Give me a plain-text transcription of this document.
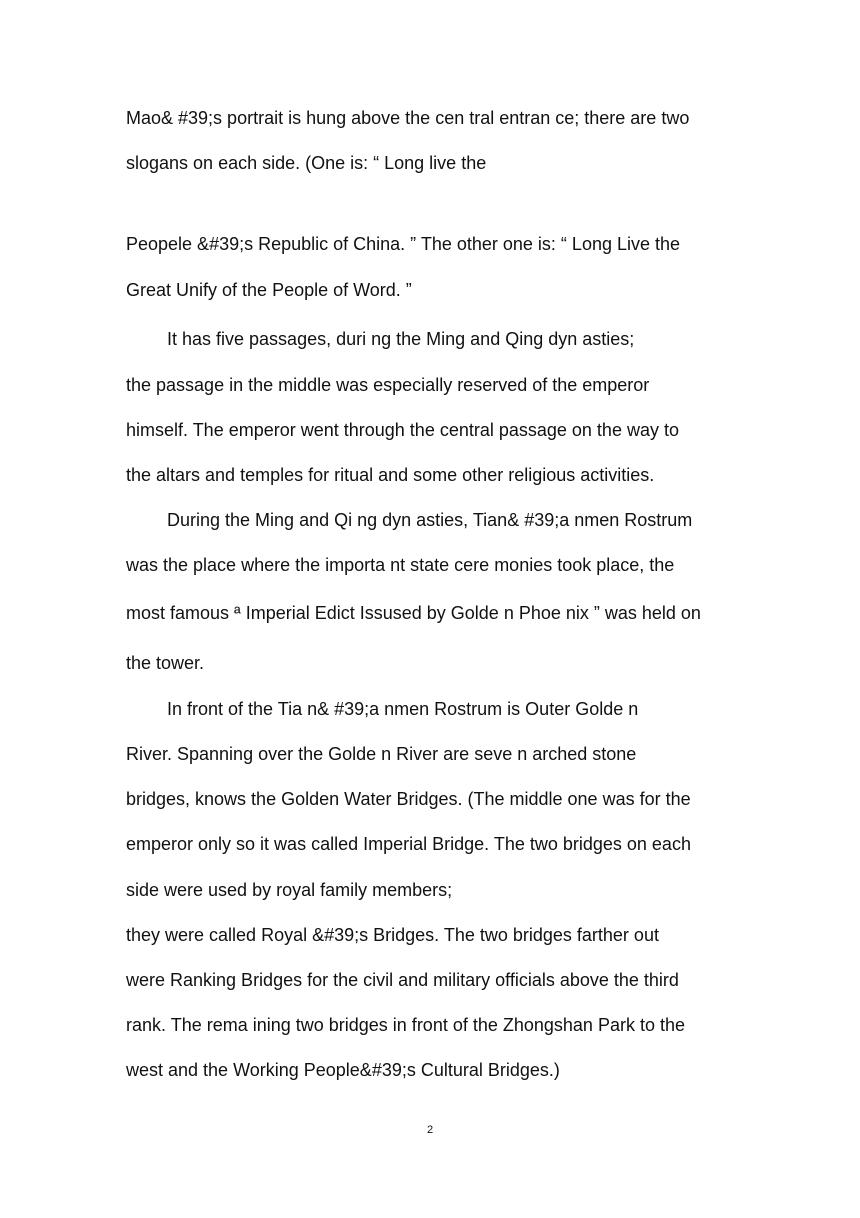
Mao& #39;s portrait is hung above the cen tral entran ce; there are two
slogans on each side. (One is: “ Long live the
Peopele &#39;s Republic of China. ” The other one is: “ Long Live the
Great Unify of the People of Word. ”
It has five passages, duri ng the Ming and Qing dyn asties;
the passage in the middle was especially reserved of the emperor
himself. The emperor went through the central passage on the way to
the altars and temples for ritual and some other religious activities.
During the Ming and Qi ng dyn asties, Tian& #39;a nmen Rostrum
was the place where the importa nt state cere monies took place, the
most famous ª Imperial Edict Issused by Golde n Phoe nix ” was held on
the tower.
In front of the Tia n& #39;a nmen Rostrum is Outer Golde n
River. Spanning over the Golde n River are seve n arched stone
bridges, knows the Golden Water Bridges. (The middle one was for the
emperor only so it was called Imperial Bridge. The two bridges on each
side were used by royal family members;
they were called Royal &#39;s Bridges. The two bridges farther out
were Ranking Bridges for the civil and military officials above the third
rank. The rema ining two bridges in front of the Zhongshan Park to the
west and the Working People&#39;s Cultural Bridges.)
2
